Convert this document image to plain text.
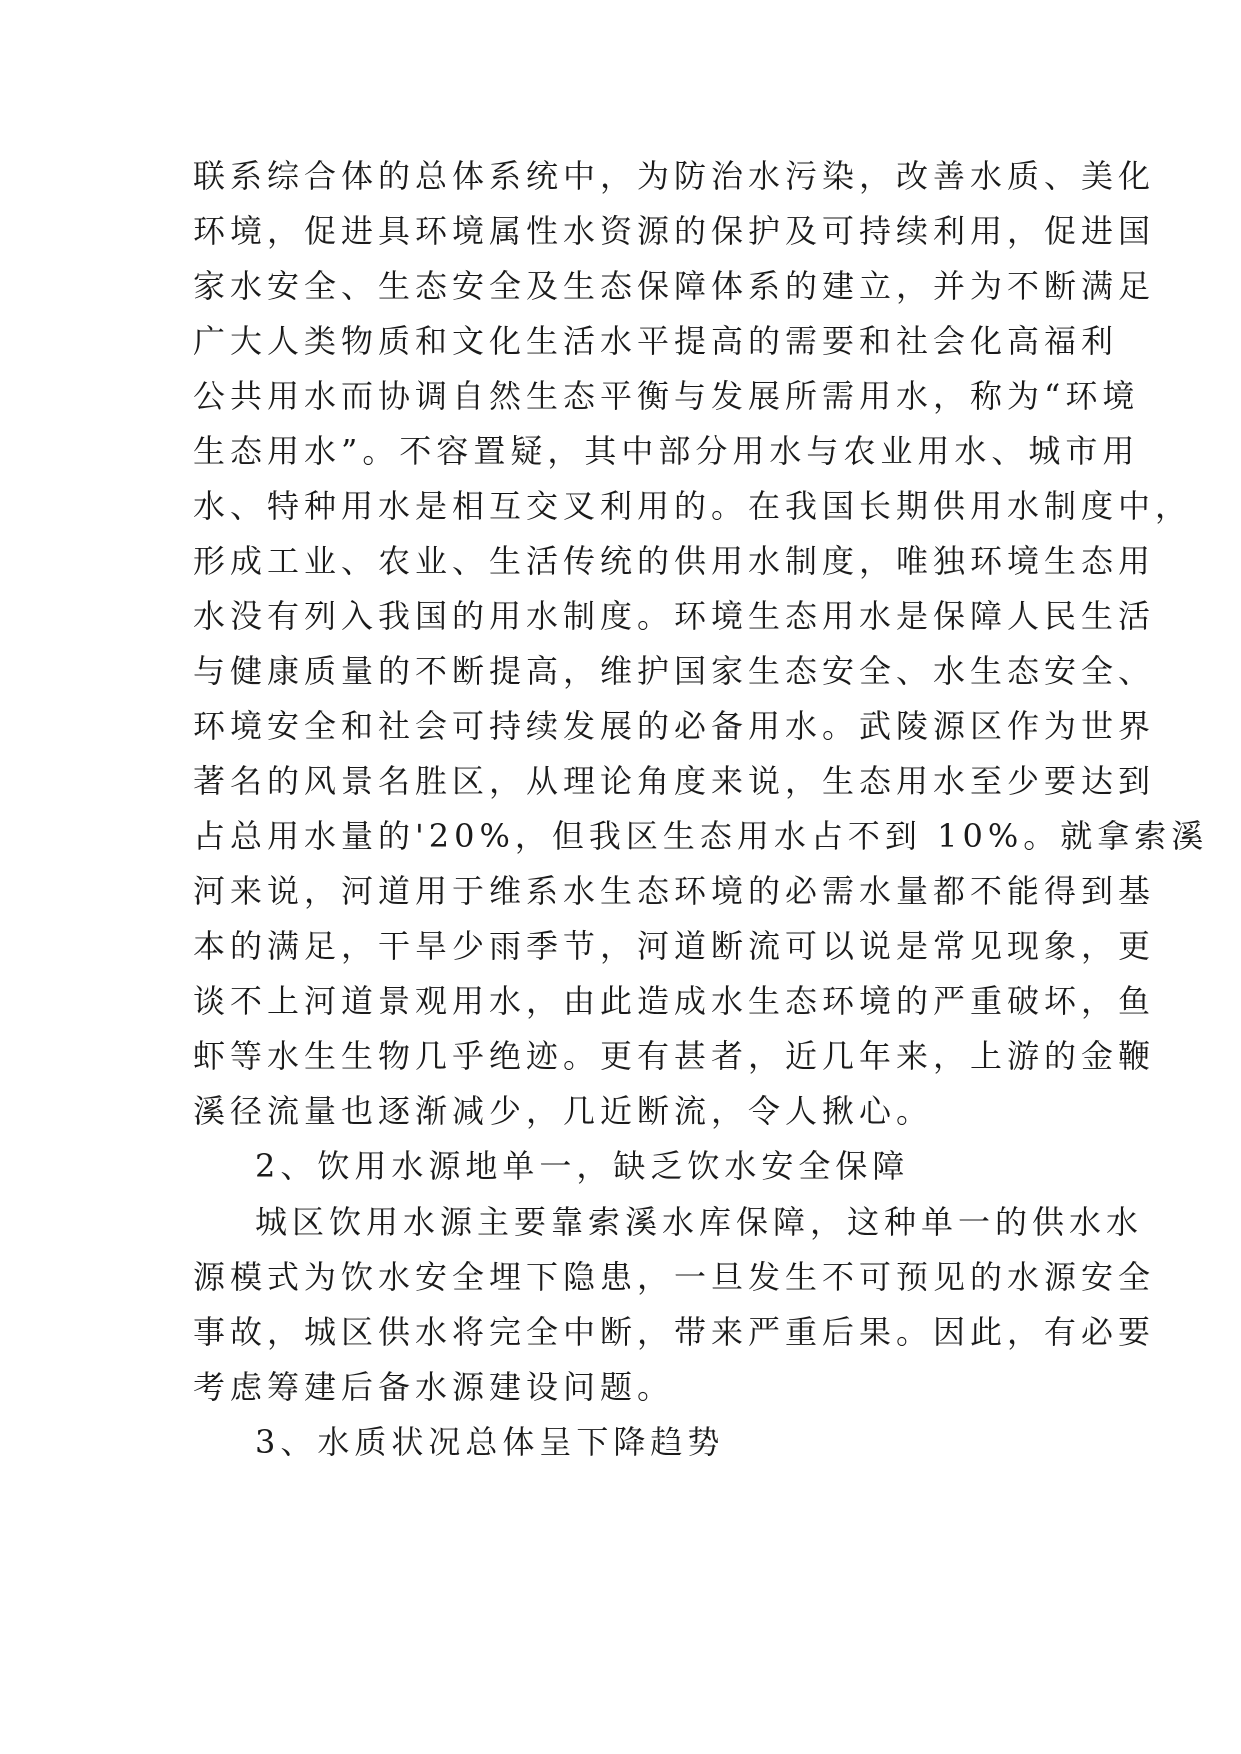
联系综合体的总体系统中，为防治水污染，改善水质、美化
环境，促进具环境属性水资源的保护及可持续利用，促进国
家水安全、生态安全及生态保障体系的建立，并为不断满足
广大人类物质和文化生活水平提高的需要和社会化高福利
公共用水而协调自然生态平衡与发展所需用水，称为“环境
生态用水”。不容置疑，其中部分用水与农业用水、城市用
水、特种用水是相互交叉利用的。在我国长期供用水制度中，
形成工业、农业、生活传统的供用水制度，唯独环境生态用
水没有列入我国的用水制度。环境生态用水是保障人民生活
与健康质量的不断提高，维护国家生态安全、水生态安全、
环境安全和社会可持续发展的必备用水。武陵源区作为世界
著名的风景名胜区，从理论角度来说，生态用水至少要达到
占总用水量的'20%，但我区生态用水占不到 10%。就拿索溪
河来说，河道用于维系水生态环境的必需水量都不能得到基
本的满足，干旱少雨季节，河道断流可以说是常见现象，更
谈不上河道景观用水，由此造成水生态环境的严重破坏，鱼
虾等水生生物几乎绝迹。更有甚者，近几年来，上游的金鞭
溪径流量也逐渐减少，几近断流，令人揪心。
2、饮用水源地单一，缺乏饮水安全保障
城区饮用水源主要靠索溪水库保障，这种单一的供水水
源模式为饮水安全埋下隐患，一旦发生不可预见的水源安全
事故，城区供水将完全中断，带来严重后果。因此，有必要
考虑筹建后备水源建设问题。
3、水质状况总体呈下降趋势
